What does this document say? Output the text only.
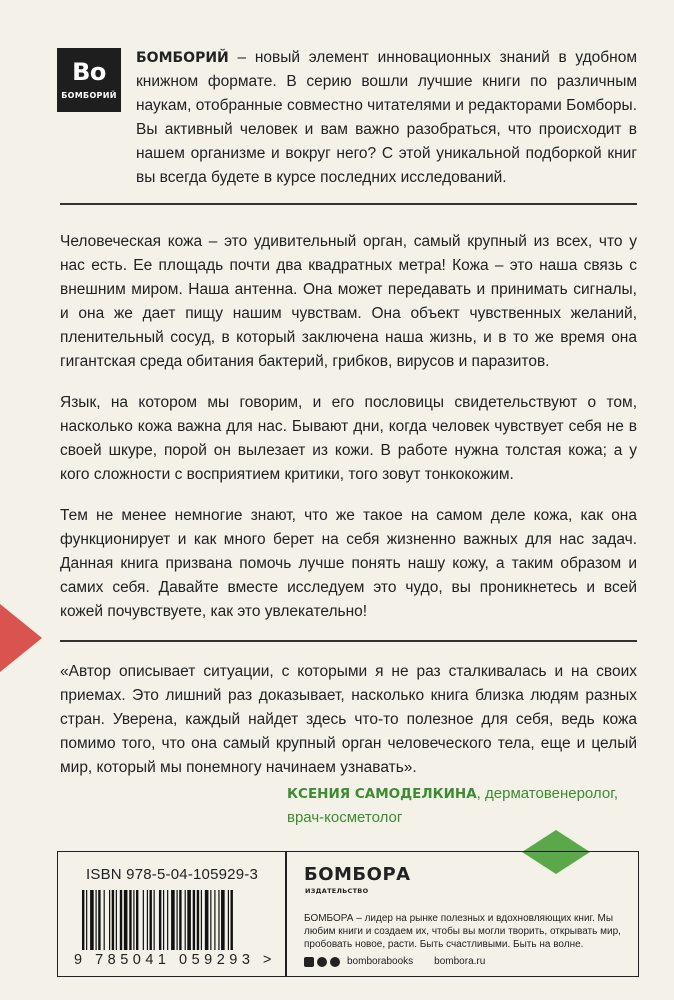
Bo
БОМБОРИЙ
БОМБОРИЙ – новый элемент инновационных знаний в удобном книжном формате. В серию вошли лучшие книги по различным наукам, отобранные совместно читателями и редакторами Бомборы. Вы активный человек и вам важно разобраться, что происходит в нашем организме и вокруг него? С этой уникальной подборкой книг вы всегда будете в курсе последних исследований.

Человеческая кожа – это удивительный орган, самый крупный из всех, что у нас есть. Ее площадь почти два квадратных метра! Кожа – это наша связь с внешним миром. Наша антенна. Она может передавать и принимать сигналы, и она же дает пищу нашим чувствам. Она объект чувственных желаний, пленительный сосуд, в который заключена наша жизнь, и в то же время она гигантская среда обитания бактерий, грибков, вирусов и паразитов.

Язык, на котором мы говорим, и его пословицы свидетельствуют о том, насколько кожа важна для нас. Бывают дни, когда человек чувствует себя не в своей шкуре, порой он вылезает из кожи. В работе нужна толстая кожа; а у кого сложности с восприятием критики, того зовут тонкокожим.

Тем не менее немногие знают, что же такое на самом деле кожа, как она функционирует и как много берет на себя жизненно важных для нас задач. Данная книга призвана помочь лучше понять нашу кожу, а таким образом и самих себя. Давайте вместе исследуем это чудо, вы проникнетесь и всей кожей почувствуете, как это увлекательно!

«Автор описывает ситуации, с которыми я не раз сталкивалась и на своих приемах. Это лишний раз доказывает, насколько книга близка людям разных стран. Уверена, каждый найдет здесь что-то полезное для себя, ведь кожа помимо того, что она самый крупный орган человеческого тела, еще и целый мир, который мы понемногу начинаем узнавать».
КСЕНИЯ САМОДЕЛКИНА, дерматовенеролог,
врач-косметолог
ISBN 978-5-04-105929-3
9 785041 059293 >
БОМБОРА
ИЗДАТЕЛЬСТВО
БОМБОРА – лидер на рынке полезных и вдохновляющих книг. Мы любим книги и создаем их, чтобы вы могли творить, открывать мир, пробовать новое, расти. Быть счастливыми. Быть на волне.
bomborabooks bombora.ru
